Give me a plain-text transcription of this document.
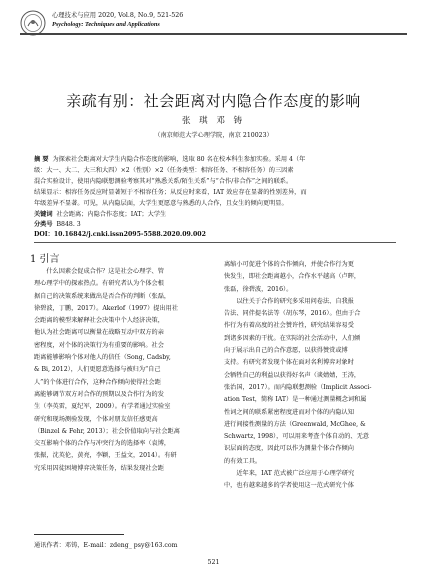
心理技术与应用 2020, Vol.8, No.9, 521-526
Psychology: Techniques and Applications
亲疏有别：社会距离对内隐合作态度的影响
张 琪 邓 铸
（南京师范大学心理学院，南京 210023）
摘 要 为探索社会距离对大学生内隐合作态度的影响，选取 80 名在校本科生参加实验。采用 4（年
级：大一、大二、大三和大四）×2（性别）×2（任务类型：相容任务、不相容任务）的三因素
混合实验设计，使用内隐联想测验考察其对“熟悉关系/陌生关系”与“合作/非合作”之间的联系。
结果显示：相容任务反应时显著短于不相容任务；从反应时来看，IAT 效应存在显著的性别差异，而
年级差异不显著。可见，从内隐层面，大学生更愿意与熟悉的人合作，且女生的倾向更明显。
关键词 社会距离；内隐合作态度；IAT；大学生
分类号 B848. 3
DOI：10.16842/j.cnki.issn2095-5588.2020.09.002
1 引言
　　什么因素会促成合作？这是社会心理学、管
理心理学中的探索热点。有研究者认为个体会根
据自己的决策系统来做出是否合作的判断（张磊，
徐碧波，丁鹏，2017）。Akerlof（1997）提出用社
会距离的模型来解释社会决策中个人经济决策，
他认为社会距离可以衡量在战略互动中双方的亲
密程度，对个体的决策行为有重要的影响。社会
距离能够影响个体对他人的信任（Song, Cadsby,
& Bi, 2012），人们更愿意选择与被归为“自己
人”的个体进行合作，这种合作倾向使得社会距
离能够调节双方对合作的预期以及合作行为的发
生（李英雷，夏纪军，2009）。有学者通过实验室
研究和现场测验发现，个体对朋友信任感更高
（Binzel & Fehr, 2013）；社会价值取向与社会距离
交互影响个体的合作与冲突行为的选择率（袁博，
张振，沈英伦，黄亮，李颖，王益文，2014）。有研
究采用囚徒困境博弈决策任务，结果发现社会距
离缩小可促进个体的合作倾向，并使合作行为更
快发生，即社会距离越小，合作水平越高（卢晖，
张磊，徐碧波，2016）。
　　以往关于合作的研究多采用问卷法、自我报
告法、同伴提名法等（胡东琴，2016）。但由于合
作行为有着高度的社会赞许性，研究结果容易受
到诸多因素的干扰。在实际的社会活动中，人们倾
向于展示出自己的合作意愿，以获得赞赏或博
支持。有研究者发现个体在面对名利博弈对象时
会牺牲自己的利益以获得好名声（谈婧婧，王涛，
张治国，2017）。而内隐联想测验（Implicit Associ-
ation Test，简称 IAT）是一种通过测量概念词和属
性词之间的联系紧密程度进而对个体的内隐认知
进行间接性测量的方法（Greenwald, McGhee, &
Schwartz, 1998），可以用来考查个体自动的、无意
识层面的态度，因此可以作为测量个体合作倾向
的有效工具。
　　近年来，IAT 范式被广泛应用于心理学研究
中，也有越来越多的学者使用这一范式研究个体
通讯作者：邓铸，E-mail：zdeng_ psy@163.com
521
